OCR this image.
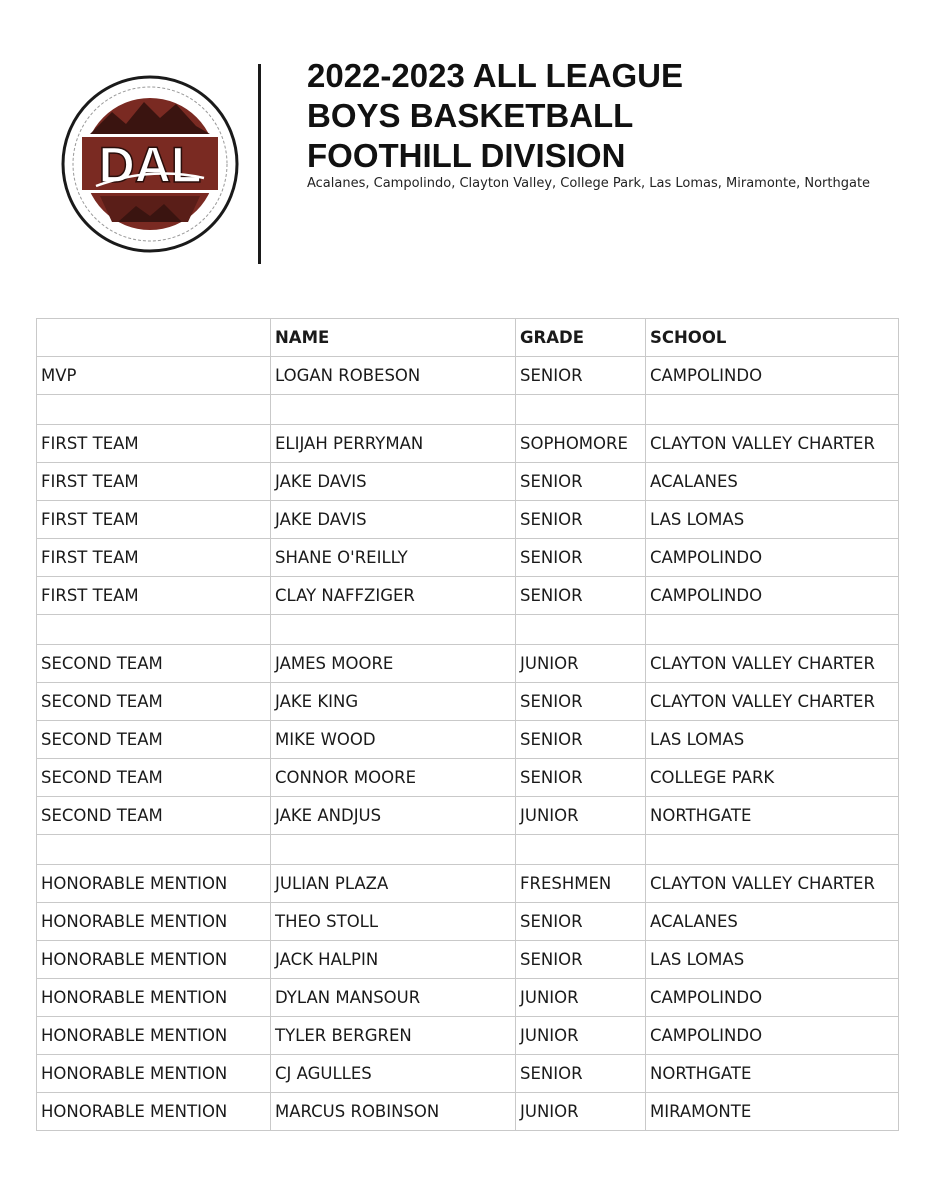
DAL
2022-2023 ALL LEAGUE
BOYS BASKETBALL
FOOTHILL DIVISION
Acalanes, Campolindo, Clayton Valley, College Park, Las Lomas, Miramonte, Northgate
	NAME	GRADE	SCHOOL
MVP	LOGAN ROBESON	SENIOR	CAMPOLINDO

FIRST TEAM	ELIJAH PERRYMAN	SOPHOMORE	CLAYTON VALLEY CHARTER
FIRST TEAM	JAKE DAVIS	SENIOR	ACALANES
FIRST TEAM	JAKE DAVIS	SENIOR	LAS LOMAS
FIRST TEAM	SHANE O'REILLY	SENIOR	CAMPOLINDO
FIRST TEAM	CLAY NAFFZIGER	SENIOR	CAMPOLINDO

SECOND TEAM	JAMES MOORE	JUNIOR	CLAYTON VALLEY CHARTER
SECOND TEAM	JAKE KING	SENIOR	CLAYTON VALLEY CHARTER
SECOND TEAM	MIKE WOOD	SENIOR	LAS LOMAS
SECOND TEAM	CONNOR MOORE	SENIOR	COLLEGE PARK
SECOND TEAM	JAKE ANDJUS	JUNIOR	NORTHGATE

HONORABLE MENTION	JULIAN PLAZA	FRESHMEN	CLAYTON VALLEY CHARTER
HONORABLE MENTION	THEO STOLL	SENIOR	ACALANES
HONORABLE MENTION	JACK HALPIN	SENIOR	LAS LOMAS
HONORABLE MENTION	DYLAN MANSOUR	JUNIOR	CAMPOLINDO
HONORABLE MENTION	TYLER BERGREN	JUNIOR	CAMPOLINDO
HONORABLE MENTION	CJ AGULLES	SENIOR	NORTHGATE
HONORABLE MENTION	MARCUS ROBINSON	JUNIOR	MIRAMONTE
